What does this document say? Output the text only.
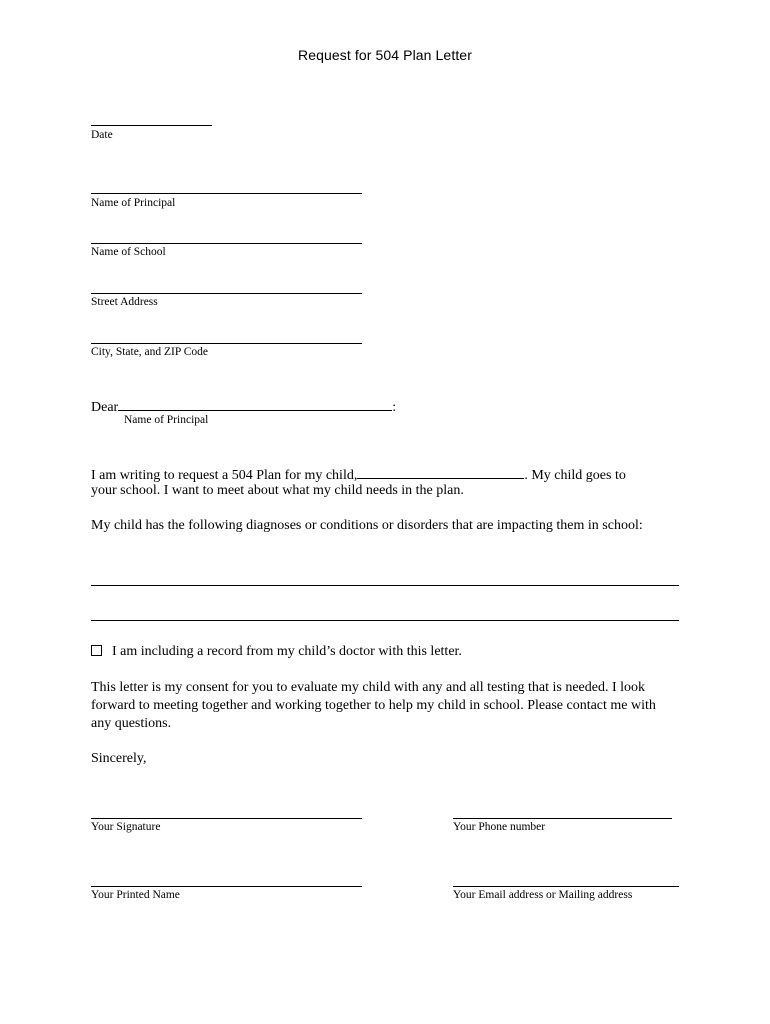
Request for 504 Plan Letter
Date
Name of Principal
Name of School
Street Address
City, State, and ZIP Code
Dear	:
Name of Principal
I am writing to request a 504 Plan for my child,	. My child goes to
your school. I want to meet about what my child needs in the plan.
My child has the following diagnoses or conditions or disorders that are impacting them in school:
I am including a record from my child’s doctor with this letter.
This letter is my consent for you to evaluate my child with any and all testing that is needed. I look forward to meeting together and working together to help my child in school. Please contact me with any questions.
Sincerely,
Your Signature	Your Phone number
Your Printed Name	Your Email address or Mailing address
